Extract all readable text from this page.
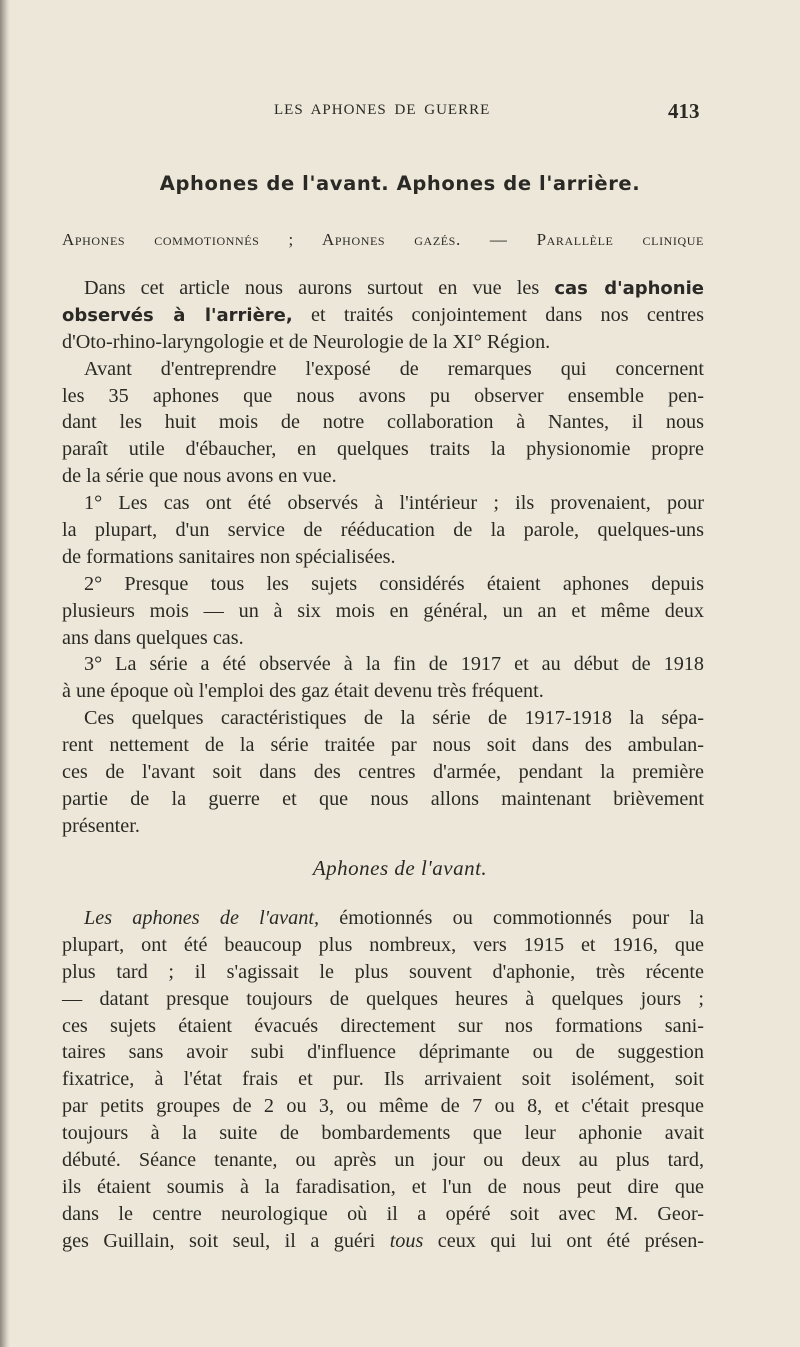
LES APHONES DE GUERRE	413
Aphones de l'avant. Aphones de l'arrière.

Aphones commotionnés ; Aphones gazés. — Parallèle clinique

Dans cet article nous aurons surtout en vue les cas d'aphonie
observés à l'arrière, et traités conjointement dans nos centres
d'Oto-rhino-laryngologie et de Neurologie de la XI° Région.
Avant d'entreprendre l'exposé de remarques qui concernent
les 35 aphones que nous avons pu observer ensemble pen-
dant les huit mois de notre collaboration à Nantes, il nous
paraît utile d'ébaucher, en quelques traits la physionomie propre
de la série que nous avons en vue.
1° Les cas ont été observés à l'intérieur ; ils provenaient, pour
la plupart, d'un service de rééducation de la parole, quelques-uns
de formations sanitaires non spécialisées.
2° Presque tous les sujets considérés étaient aphones depuis
plusieurs mois — un à six mois en général, un an et même deux
ans dans quelques cas.
3° La série a été observée à la fin de 1917 et au début de 1918
à une époque où l'emploi des gaz était devenu très fréquent.
Ces quelques caractéristiques de la série de 1917-1918 la sépa-
rent nettement de la série traitée par nous soit dans des ambulan-
ces de l'avant soit dans des centres d'armée, pendant la première
partie de la guerre et que nous allons maintenant brièvement
présenter.

Aphones de l'avant.

Les aphones de l'avant, émotionnés ou commotionnés pour la
plupart, ont été beaucoup plus nombreux, vers 1915 et 1916, que
plus tard ; il s'agissait le plus souvent d'aphonie, très récente
— datant presque toujours de quelques heures à quelques jours ;
ces sujets étaient évacués directement sur nos formations sani-
taires sans avoir subi d'influence déprimante ou de suggestion
fixatrice, à l'état frais et pur. Ils arrivaient soit isolément, soit
par petits groupes de 2 ou 3, ou même de 7 ou 8, et c'était presque
toujours à la suite de bombardements que leur aphonie avait
débuté. Séance tenante, ou après un jour ou deux au plus tard,
ils étaient soumis à la faradisation, et l'un de nous peut dire que
dans le centre neurologique où il a opéré soit avec M. Geor-
ges Guillain, soit seul, il a guéri tous ceux qui lui ont été présen-
